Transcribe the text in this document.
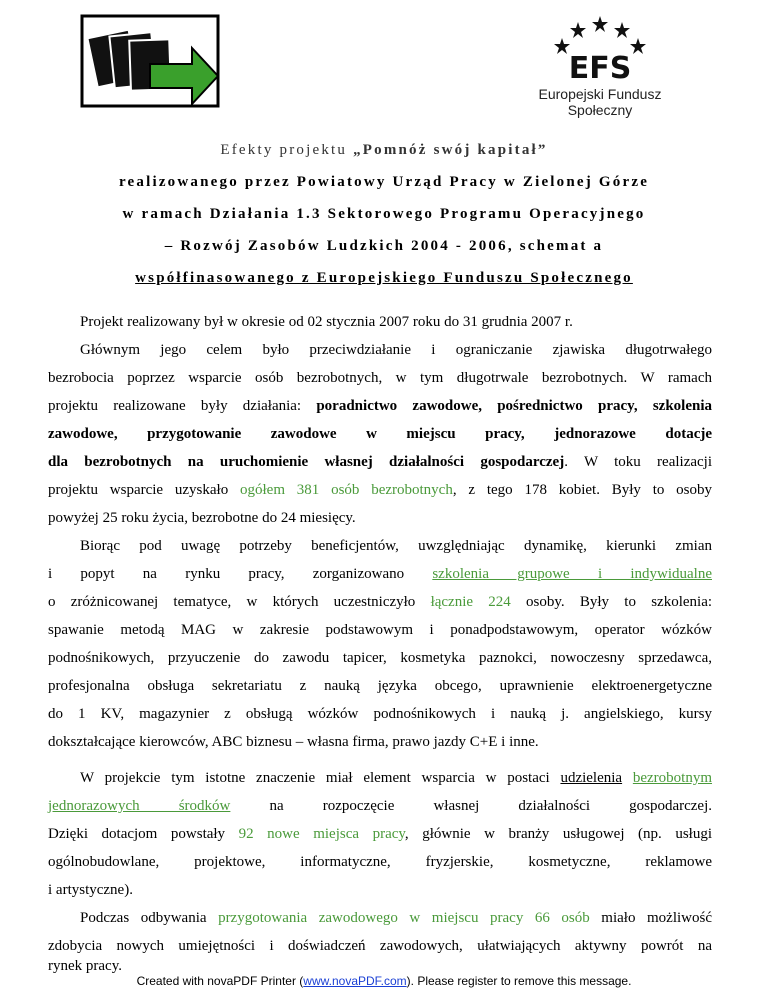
EFS
Europejski Fundusz Społeczny
Efekty projektu „Pomnóż swój kapitał”
realizowanego przez Powiatowy Urząd Pracy w Zielonej Górze
w ramach Działania 1.3 Sektorowego Programu Operacyjnego
– Rozwój Zasobów Ludzkich 2004 - 2006, schemat a
współfinasowanego z Europejskiego Funduszu Społecznego
Projekt realizowany był w okresie od 02 stycznia 2007 roku do 31 grudnia 2007 r.
Głównym jego celem było przeciwdziałanie i ograniczanie zjawiska długotrwałego
bezrobocia poprzez wsparcie osób bezrobotnych, w tym długotrwale bezrobotnych. W ramach
projektu realizowane były działania: poradnictwo zawodowe, pośrednictwo pracy, szkolenia
zawodowe, przygotowanie zawodowe w miejscu pracy, jednorazowe dotacje
dla bezrobotnych na uruchomienie własnej działalności gospodarczej. W toku realizacji
projektu wsparcie uzyskało ogółem 381 osób bezrobotnych, z tego 178 kobiet. Były to osoby
powyżej 25 roku życia, bezrobotne do 24 miesięcy.
Biorąc pod uwagę potrzeby beneficjentów, uwzględniając dynamikę, kierunki zmian
i popyt na rynku pracy, zorganizowano szkolenia grupowe i indywidualne
o zróżnicowanej tematyce, w których uczestniczyło łącznie 224 osoby. Były to szkolenia:
spawanie metodą MAG w zakresie podstawowym i ponadpodstawowym, operator wózków
podnośnikowych, przyuczenie do zawodu tapicer, kosmetyka paznokci, nowoczesny sprzedawca,
profesjonalna obsługa sekretariatu z nauką języka obcego, uprawnienie elektroenergetyczne
do 1 KV, magazynier z obsługą wózków podnośnikowych i nauką j. angielskiego, kursy
dokształcające kierowców, ABC biznesu – własna firma, prawo jazdy C+E i inne.
W projekcie tym istotne znaczenie miał element wsparcia w postaci udzielenia bezrobotnym
jednorazowych środków	na rozpoczęcie własnej działalności gospodarczej.
Dzięki dotacjom powstały 92 nowe miejsca pracy, głównie w branży usługowej (np. usługi
ogólnobudowlane, projektowe, informatyczne, fryzjerskie, kosmetyczne, reklamowe
i artystyczne).
Podczas odbywania przygotowania zawodowego w miejscu pracy 66 osób miało możliwość
zdobycia nowych umiejętności i doświadczeń zawodowych, ułatwiających aktywny powrót na
rynek pracy.
Created with novaPDF Printer (www.novaPDF.com). Please register to remove this message.
